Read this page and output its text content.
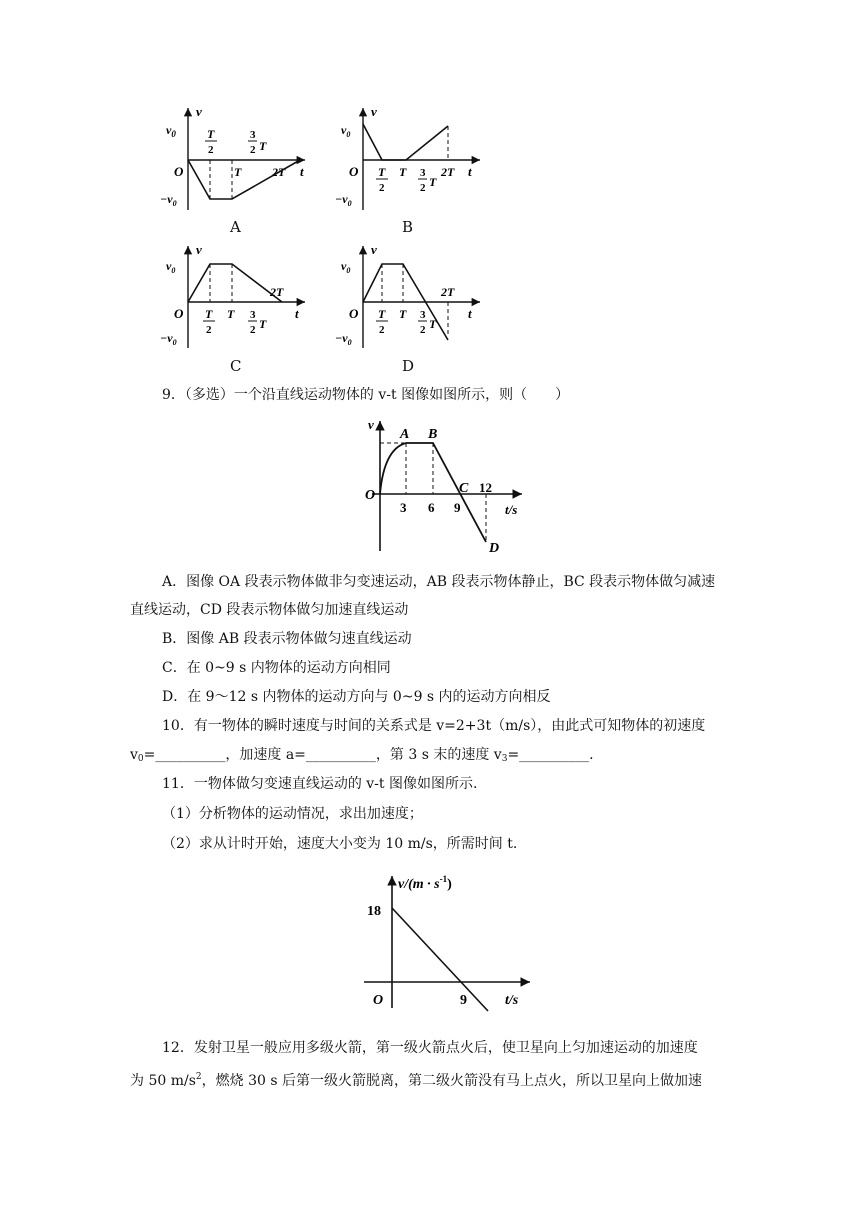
v
t
$v_0$
$-v_0$
O
T
2
3
2 T
T	2T
A
v
t
$v_0$
$-v_0$
O T
2
T 3
2 T
2T
B
v
t
$v_0$
$-v_0$
O T
2
T 3
2 T
2T
C
v
t
$v_0$
$-v_0$
O T
2
T 3
2 T
2T
D
9．（多选）一个沿直线运动物体的 v-t 图像如图所示，则（　　）
v
t/s
O
A B
C
D
3 6 9
12
A．图像 OA 段表示物体做非匀变速运动，AB 段表示物体静止，BC 段表示物体做匀减速
直线运动，CD 段表示物体做匀加速直线运动
B．图像 AB 段表示物体做匀速直线运动
C．在 0~9 s 内物体的运动方向相同
D．在 9～12 s 内物体的运动方向与 0~9 s 内的运动方向相反
10．有一物体的瞬时速度与时间的关系式是 v=2+3t（m/s），由此式可知物体的初速度
$v_0=\_\_\_\_\_\_\_\_\_\_$，加速度 a=__________，第 3 s 末的速度 $v_3=\_\_\_\_\_\_\_\_\_\_$.
11．一物体做匀变速直线运动的 v-t 图像如图所示.
（1）分析物体的运动情况，求出加速度；
（2）求从计时开始，速度大小变为 10 m/s，所需时间 t.
$v/(m \cdot s^{-1})$
18
O	9	t/s
12．发射卫星一般应用多级火箭，第一级火箭点火后，使卫星向上匀加速运动的加速度
为 50 $m/s^2$，燃烧 30 s 后第一级火箭脱离，第二级火箭没有马上点火，所以卫星向上做加速
